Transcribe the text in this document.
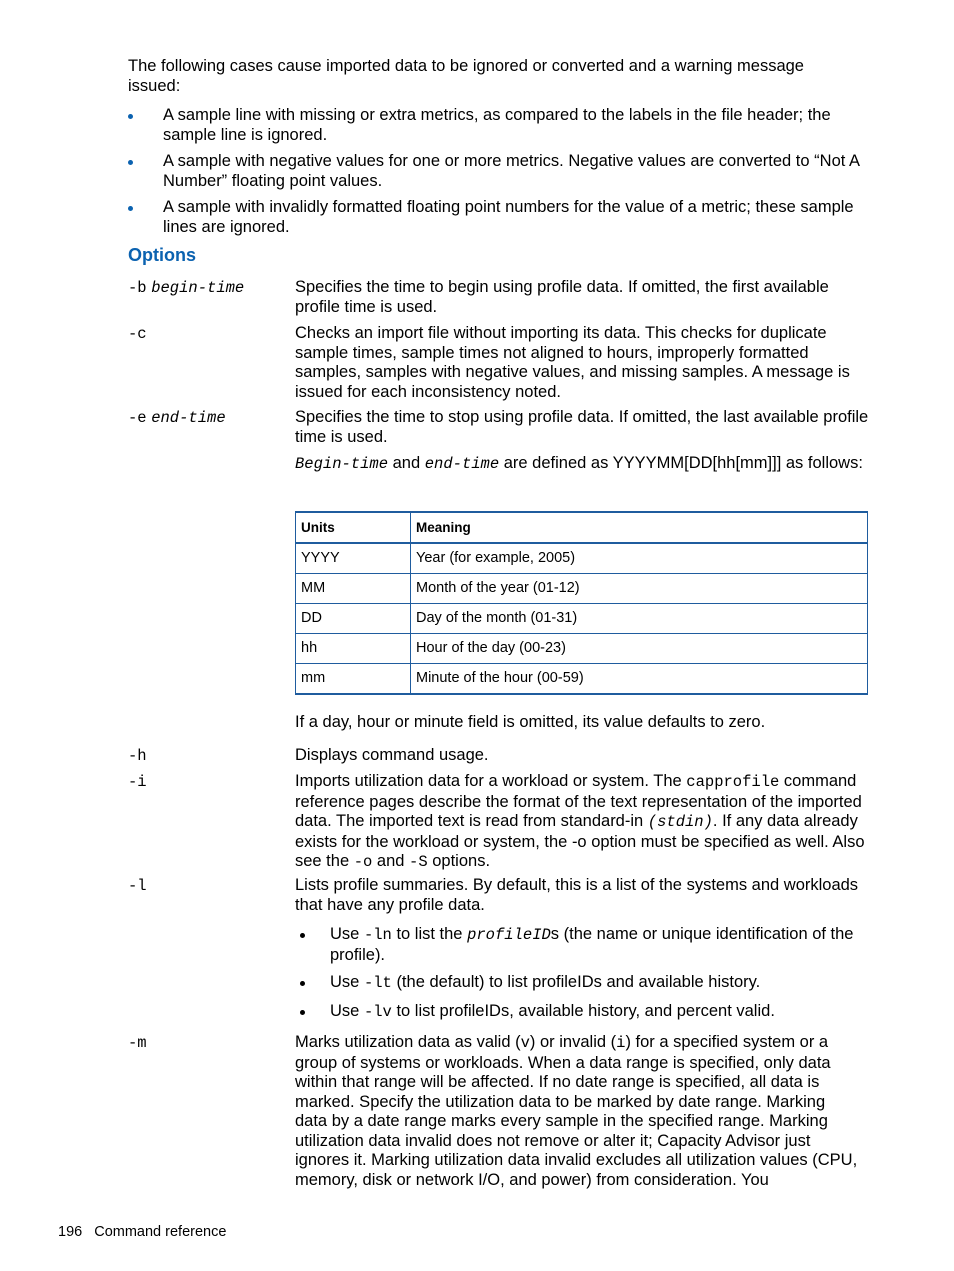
The following cases cause imported data to be ignored or converted and a warning message issued:
A sample line with missing or extra metrics, as compared to the labels in the file header; the sample line is ignored.
A sample with negative values for one or more metrics. Negative values are converted to “Not A Number” floating point values.
A sample with invalidly formatted floating point numbers for the value of a metric; these sample lines are ignored.
Options
-b begin-time	Specifies the time to begin using profile data. If omitted, the first available profile time is used.
-c	Checks an import file without importing its data. This checks for duplicate sample times, sample times not aligned to hours, improperly formatted samples, samples with negative values, and missing samples. A message is issued for each inconsistency noted.
-e end-time	Specifies the time to stop using profile data. If omitted, the last available profile time is used.
Begin-time and end-time are defined as YYYYMM[DD[hh[mm]]] as follows:
Units	Meaning
YYYY	Year (for example, 2005)
MM	Month of the year (01-12)
DD	Day of the month (01-31)
hh	Hour of the day (00-23)
mm	Minute of the hour (00-59)
If a day, hour or minute field is omitted, its value defaults to zero.
-h	Displays command usage.
-i	Imports utilization data for a workload or system. The capprofile command reference pages describe the format of the text representation of the imported data. The imported text is read from standard-in (stdin). If any data already exists for the workload or system, the -o option must be specified as well. Also see the -o and -S options.
-l	Lists profile summaries. By default, this is a list of the systems and workloads that have any profile data.
Use -ln to list the profileIDs (the name or unique identification of the profile).
Use -lt (the default) to list profileIDs and available history.
Use -lv to list profileIDs, available history, and percent valid.
-m	Marks utilization data as valid (v) or invalid (i) for a specified system or a group of systems or workloads. When a data range is specified, only data within that range will be affected. If no date range is specified, all data is marked. Specify the utilization data to be marked by date range. Marking data by a date range marks every sample in the specified range. Marking utilization data invalid does not remove or alter it; Capacity Advisor just ignores it. Marking utilization data invalid excludes all utilization values (CPU, memory, disk or network I/O, and power) from consideration. You
196 Command reference
